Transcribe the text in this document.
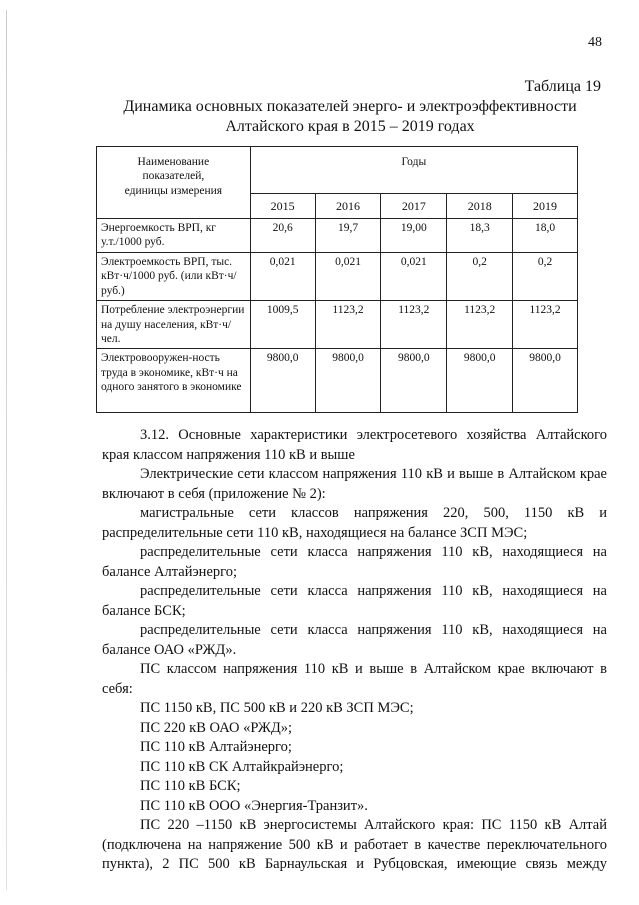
48
Таблица 19
Динамика основных показателей энерго- и электроэффективности
Алтайского края в 2015 – 2019 годах
Наименование
показателей,
единицы измерения	Годы				
	2015	2016	2017	2018	2019
Энергоемкость ВРП, кг у.т./1000 руб.	20,6	19,7	19,00	18,3	18,0
Электроемкость ВРП, тыс. кВт·ч/1000 руб. (или кВт·ч/руб.)	0,021	0,021	0,021	0,2	0,2
Потребление электроэнергии на душу населения, кВт·ч/чел.	1009,5	1123,2	1123,2	1123,2	1123,2
Электровооружен-ность труда в экономике, кВт·ч на одного занятого в экономике	9800,0	9800,0	9800,0	9800,0	9800,0

3.12. Основные характеристики электросетевого хозяйства Алтайского края классом напряжения 110 кВ и выше

Электрические сети классом напряжения 110 кВ и выше в Алтайском крае включают в себя (приложение № 2):

магистральные сети классов напряжения 220, 500, 1150 кВ и распределительные сети 110 кВ, находящиеся на балансе ЗСП МЭС;

распределительные сети класса напряжения 110 кВ, находящиеся на балансе Алтайэнерго;

распределительные сети класса напряжения 110 кВ, находящиеся на балансе БСК;

распределительные сети класса напряжения 110 кВ, находящиеся на балансе ОАО «РЖД».

ПС классом напряжения 110 кВ и выше в Алтайском крае включают в себя:

ПС 1150 кВ, ПС 500 кВ и 220 кВ ЗСП МЭС;

ПС 220 кВ ОАО «РЖД»;

ПС 110 кВ Алтайэнерго;

ПС 110 кВ СК Алтайкрайэнерго;

ПС 110 кВ БСК;

ПС 110 кВ ООО «Энергия-Транзит».

ПС 220 –1150 кВ энергосистемы Алтайского края: ПС 1150 кВ Алтай (подключена на напряжение 500 кВ и работает в качестве переключательного пункта), 2 ПС 500 кВ Барнаульская и Рубцовская, имеющие связь между
